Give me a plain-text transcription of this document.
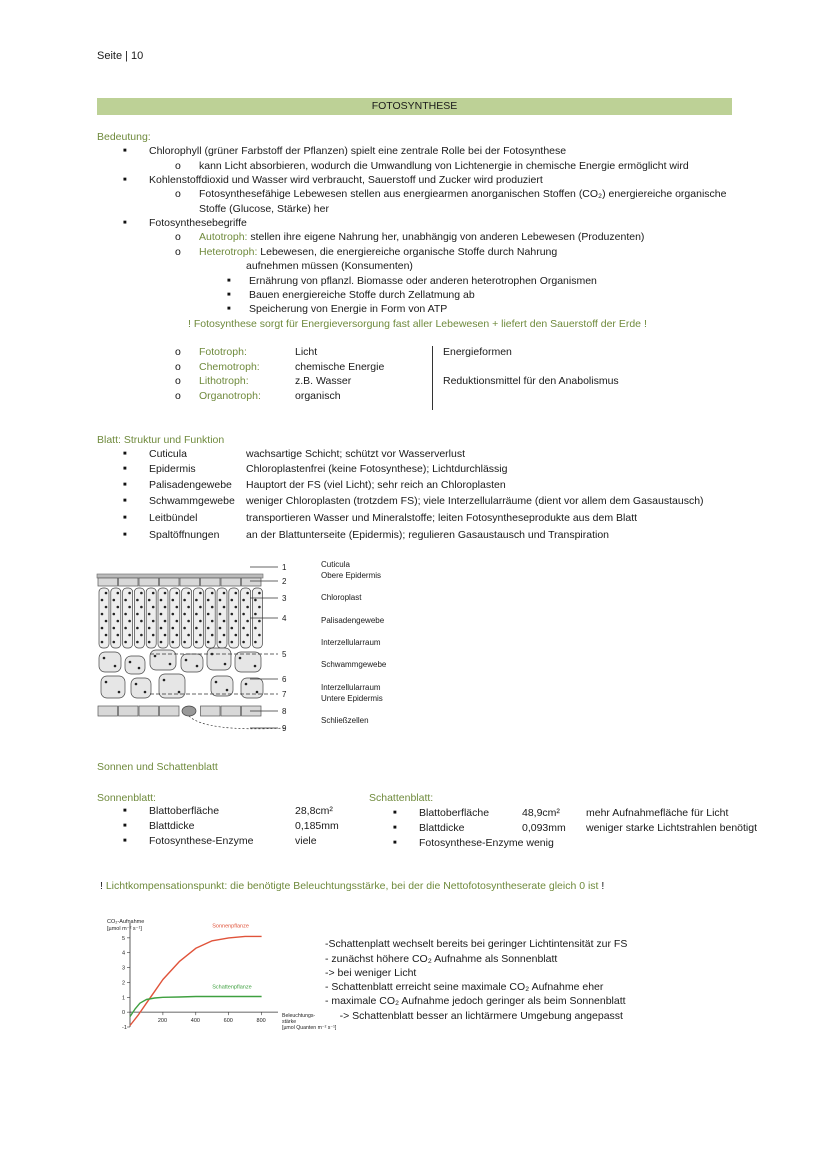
Seite | 10
FOTOSYNTHESE
Bedeutung:
■ Chlorophyll (grüner Farbstoff der Pflanzen) spielt eine zentrale Rolle bei der Fotosynthese
o kann Licht absorbieren, wodurch die Umwandlung von Lichtenergie in chemische Energie ermöglicht wird
■ Kohlenstoffdioxid und Wasser wird verbraucht, Sauerstoff und Zucker wird produziert
o Fotosynthesefähige Lebewesen stellen aus energiearmen anorganischen Stoffen (CO₂) energiereiche organische
Stoffe (Glucose, Stärke) her
■ Fotosynthesebegriffe
o Autotroph: stellen ihre eigene Nahrung her, unabhängig von anderen Lebewesen (Produzenten)
o Heterotroph: Lebewesen, die energiereiche organische Stoffe durch Nahrung
aufnehmen müssen (Konsumenten)
■ Ernährung von pflanzl. Biomasse oder anderen heterotrophen Organismen
■ Bauen energiereiche Stoffe durch Zellatmung ab
■ Speicherung von Energie in Form von ATP
! Fotosynthese sorgt für Energieversorgung fast aller Lebewesen + liefert den Sauerstoff der Erde !
o Fototroph:	Licht
o Chemotroph:	chemische Energie
o Lithotroph:	z.B. Wasser
o Organotroph:	organisch
Energieformen
Reduktionsmittel für den Anabolismus
Blatt: Struktur und Funktion
■ Cuticula	wachsartige Schicht; schützt vor Wasserverlust
■ Epidermis	Chloroplastenfrei (keine Fotosynthese); Lichtdurchlässig
■ Palisadengewebe Hauptort der FS (viel Licht); sehr reich an Chloroplasten
■ Schwammgewebe weniger Chloroplasten (trotzdem FS); viele Interzellularräume (dient vor allem dem Gasaustausch)
■ Leitbündel	transportieren Wasser und Mineralstoffe; leiten Fotosyntheseprodukte aus dem Blatt
■ Spaltöffnungen	an der Blattunterseite (Epidermis); regulieren Gasaustausch und Transpiration
1
2
3
4
5
6
7
8
9
Cuticula
Obere Epidermis
Chloroplast
Palisadengewebe
Interzellularraum
Schwammgewebe
Interzellularraum
Untere Epidermis
Schließzellen
Sonnen und Schattenblatt
Sonnenblatt:	Schattenblatt:
■ Blattoberfläche	28,8cm²
■ Blattdicke	0,185mm
■ Fotosynthese-Enzyme	viele
■ Blattoberfläche	48,9cm² mehr Aufnahmefläche für Licht
■ Blattdicke	0,093mm weniger starke Lichtstrahlen benötigt
■ Fotosynthese-Enzyme wenig
! Lichtkompensationspunkt: die benötigte Beleuchtungsstärke, bei der die Nettofotosyntheserate gleich 0 ist !
CO₂-Aufnahme
[µmol m⁻² s⁻¹]
-1
0
1
2
3
4
5
200	400	600	800
Beleuchtungs-
stärke
[µmol Quanten m⁻² s⁻¹]
Sonnenpflanze
Schattenpflanze
-Schattenplatt wechselt bereits bei geringer Lichtintensität zur FS
- zunächst höhere CO₂ Aufnahme als Sonnenblatt
-> bei weniger Licht
- Schattenblatt erreicht seine maximale CO₂ Aufnahme eher
- maximale CO₂ Aufnahme jedoch geringer als beim Sonnenblatt
-> Schattenblatt besser an lichtärmere Umgebung angepasst
